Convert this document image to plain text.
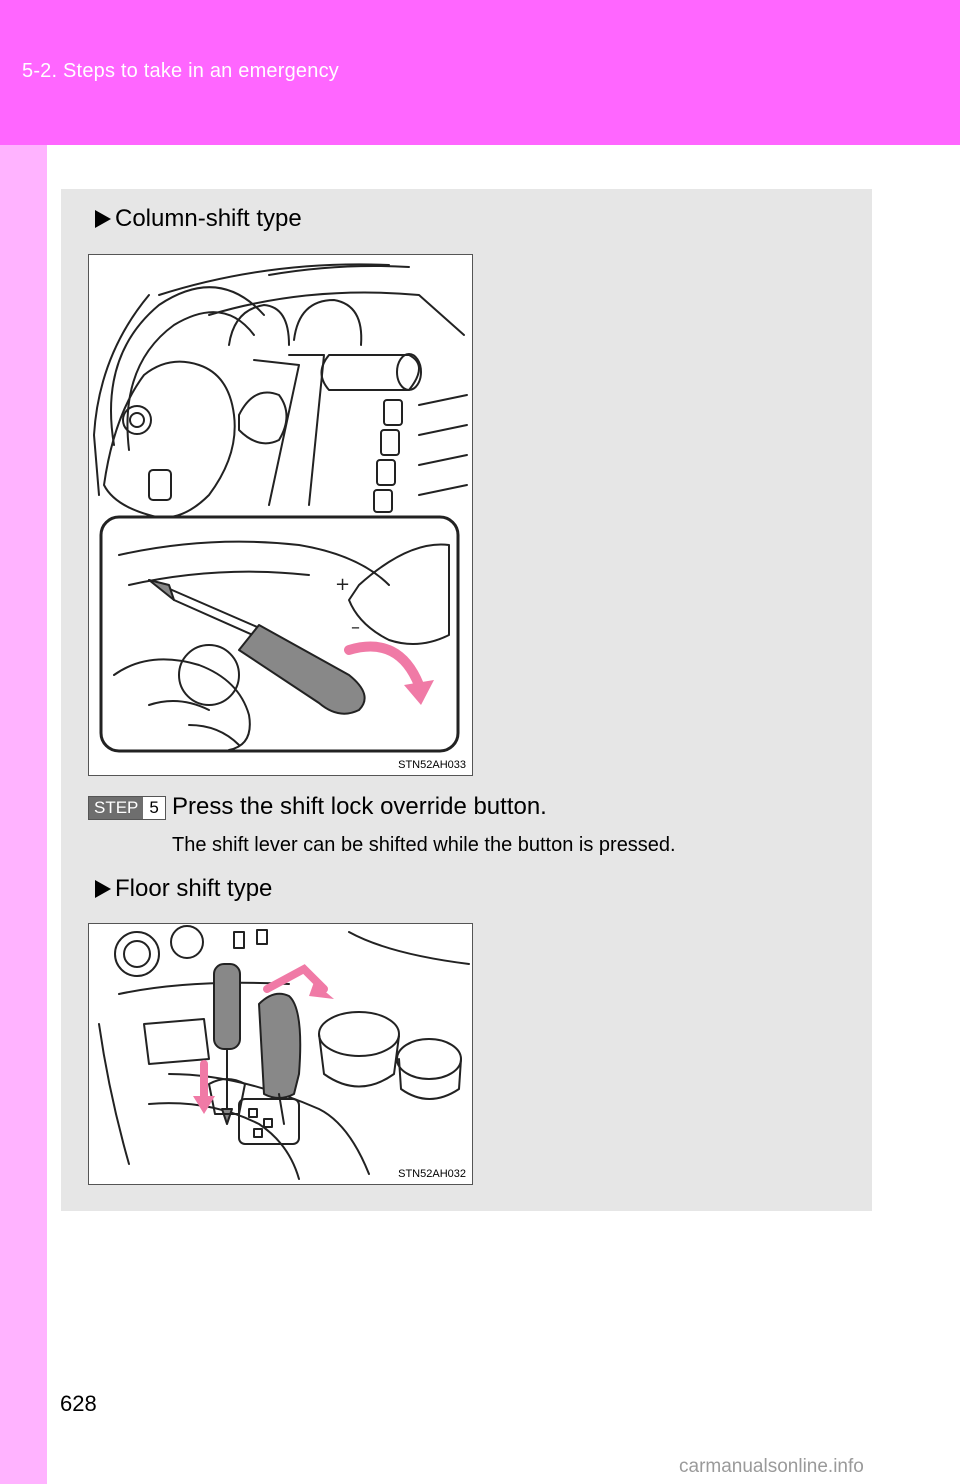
5-2. Steps to take in an emergency
Column-shift type
+
–
STN52AH033
STEP 5 Press the shift lock override button.
The shift lever can be shifted while the button is pressed.
Floor shift type
STN52AH032
628
carmanualsonline.info
